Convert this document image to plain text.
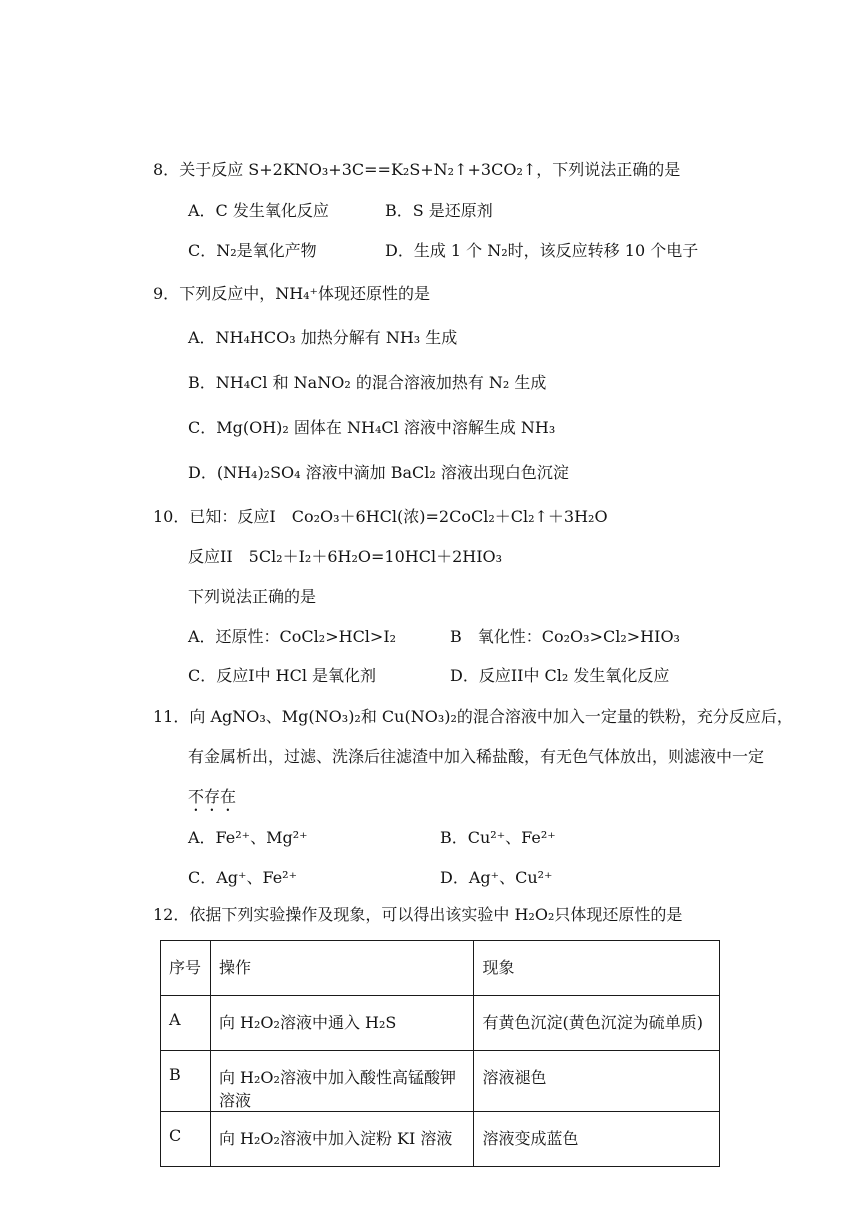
8．关于反应 S+2KNO₃+3C==K₂S+N₂↑+3CO₂↑，下列说法正确的是
A．C 发生氧化反应	B．S 是还原剂
C．N₂是氧化产物	D．生成 1 个 N₂时，该反应转移 10 个电子
9．下列反应中，NH₄⁺体现还原性的是
A．NH₄HCO₃ 加热分解有 NH₃ 生成
B．NH₄Cl 和 NaNO₂ 的混合溶液加热有 N₂ 生成
C．Mg(OH)₂ 固体在 NH₄Cl 溶液中溶解生成 NH₃
D．(NH₄)₂SO₄ 溶液中滴加 BaCl₂ 溶液出现白色沉淀
10．已知：反应I　Co₂O₃＋6HCl(浓)=2CoCl₂＋Cl₂↑＋3H₂O
反应II　5Cl₂＋I₂＋6H₂O=10HCl＋2HIO₃
下列说法正确的是
A．还原性：CoCl₂>HCl>I₂	B　氧化性：Co₂O₃>Cl₂>HIO₃
C．反应I中 HCl 是氧化剂	D．反应II中 Cl₂ 发生氧化反应
11．向 AgNO₃、Mg(NO₃)₂和 Cu(NO₃)₂的混合溶液中加入一定量的铁粉，充分反应后，
有金属析出，过滤、洗涤后往滤渣中加入稀盐酸，有无色气体放出，则滤液中一定
不存在
A．Fe²⁺、Mg²⁺	B．Cu²⁺、Fe²⁺
C．Ag⁺、Fe²⁺	D．Ag⁺、Cu²⁺
12．依据下列实验操作及现象，可以得出该实验中 H₂O₂只体现还原性的是
序号	操作	现象
A	向 H₂O₂溶液中通入 H₂S	有黄色沉淀(黄色沉淀为硫单质)
B	向 H₂O₂溶液中加入酸性高锰酸钾溶液	溶液褪色
C	向 H₂O₂溶液中加入淀粉 KI 溶液	溶液变成蓝色
